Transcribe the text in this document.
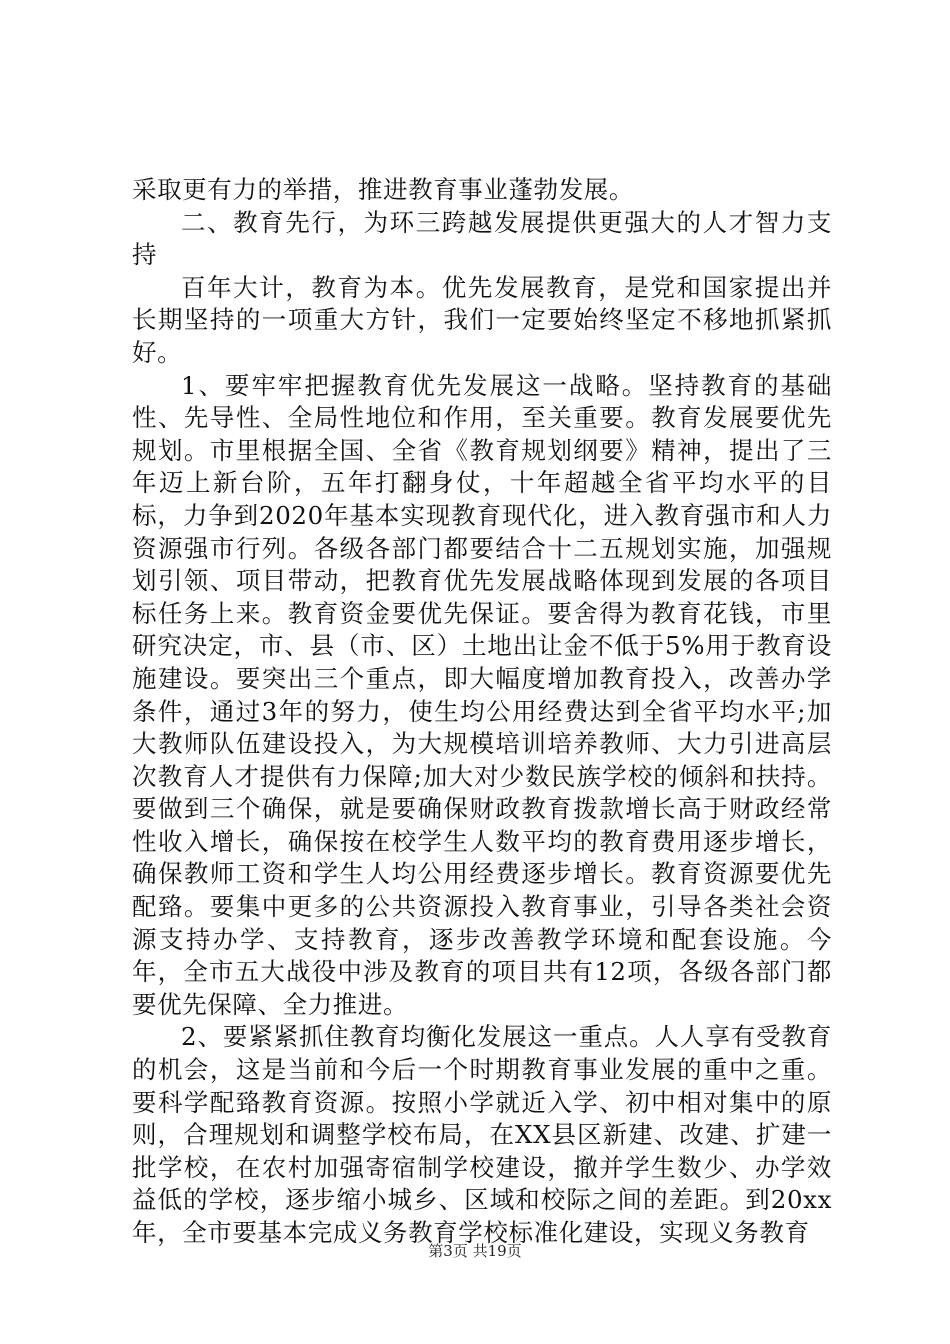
采取更有力的举措，推进教育事业蓬勃发展。

二、教育先行，为环三跨越发展提供更强大的人才智力支持

百年大计，教育为本。优先发展教育，是党和国家提出并长期坚持的一项重大方针，我们一定要始终坚定不移地抓紧抓好。

1、要牢牢把握教育优先发展这一战略。坚持教育的基础性、先导性、全局性地位和作用，至关重要。教育发展要优先规划。市里根据全国、全省《教育规划纲要》精神，提出了三年迈上新台阶，五年打翻身仗，十年超越全省平均水平的目标，力争到2020年基本实现教育现代化，进入教育强市和人力资源强市行列。各级各部门都要结合十二五规划实施，加强规划引领、项目带动，把教育优先发展战略体现到发展的各项目标任务上来。教育资金要优先保证。要舍得为教育花钱，市里研究决定，市、县（市、区）土地出让金不低于5%用于教育设施建设。要突出三个重点，即大幅度增加教育投入，改善办学条件，通过3年的努力，使生均公用经费达到全省平均水平;加大教师队伍建设投入，为大规模培训培养教师、大力引进高层次教育人才提供有力保障;加大对少数民族学校的倾斜和扶持。要做到三个确保，就是要确保财政教育拨款增长高于财政经常性收入增长，确保按在校学生人数平均的教育费用逐步增长，确保教师工资和学生人均公用经费逐步增长。教育资源要优先配臵。要集中更多的公共资源投入教育事业，引导各类社会资源支持办学、支持教育，逐步改善教学环境和配套设施。今年，全市五大战役中涉及教育的项目共有12项，各级各部门都要优先保障、全力推进。

2、要紧紧抓住教育均衡化发展这一重点。人人享有受教育的机会，这是当前和今后一个时期教育事业发展的重中之重。要科学配臵教育资源。按照小学就近入学、初中相对集中的原则，合理规划和调整学校布局，在XX县区新建、改建、扩建一批学校，在农村加强寄宿制学校建设，撤并学生数少、办学效益低的学校，逐步缩小城乡、区域和校际之间的差距。到20xx年，全市要基本完成义务教育学校标准化建设，实现义务教育

第3页 共19页
